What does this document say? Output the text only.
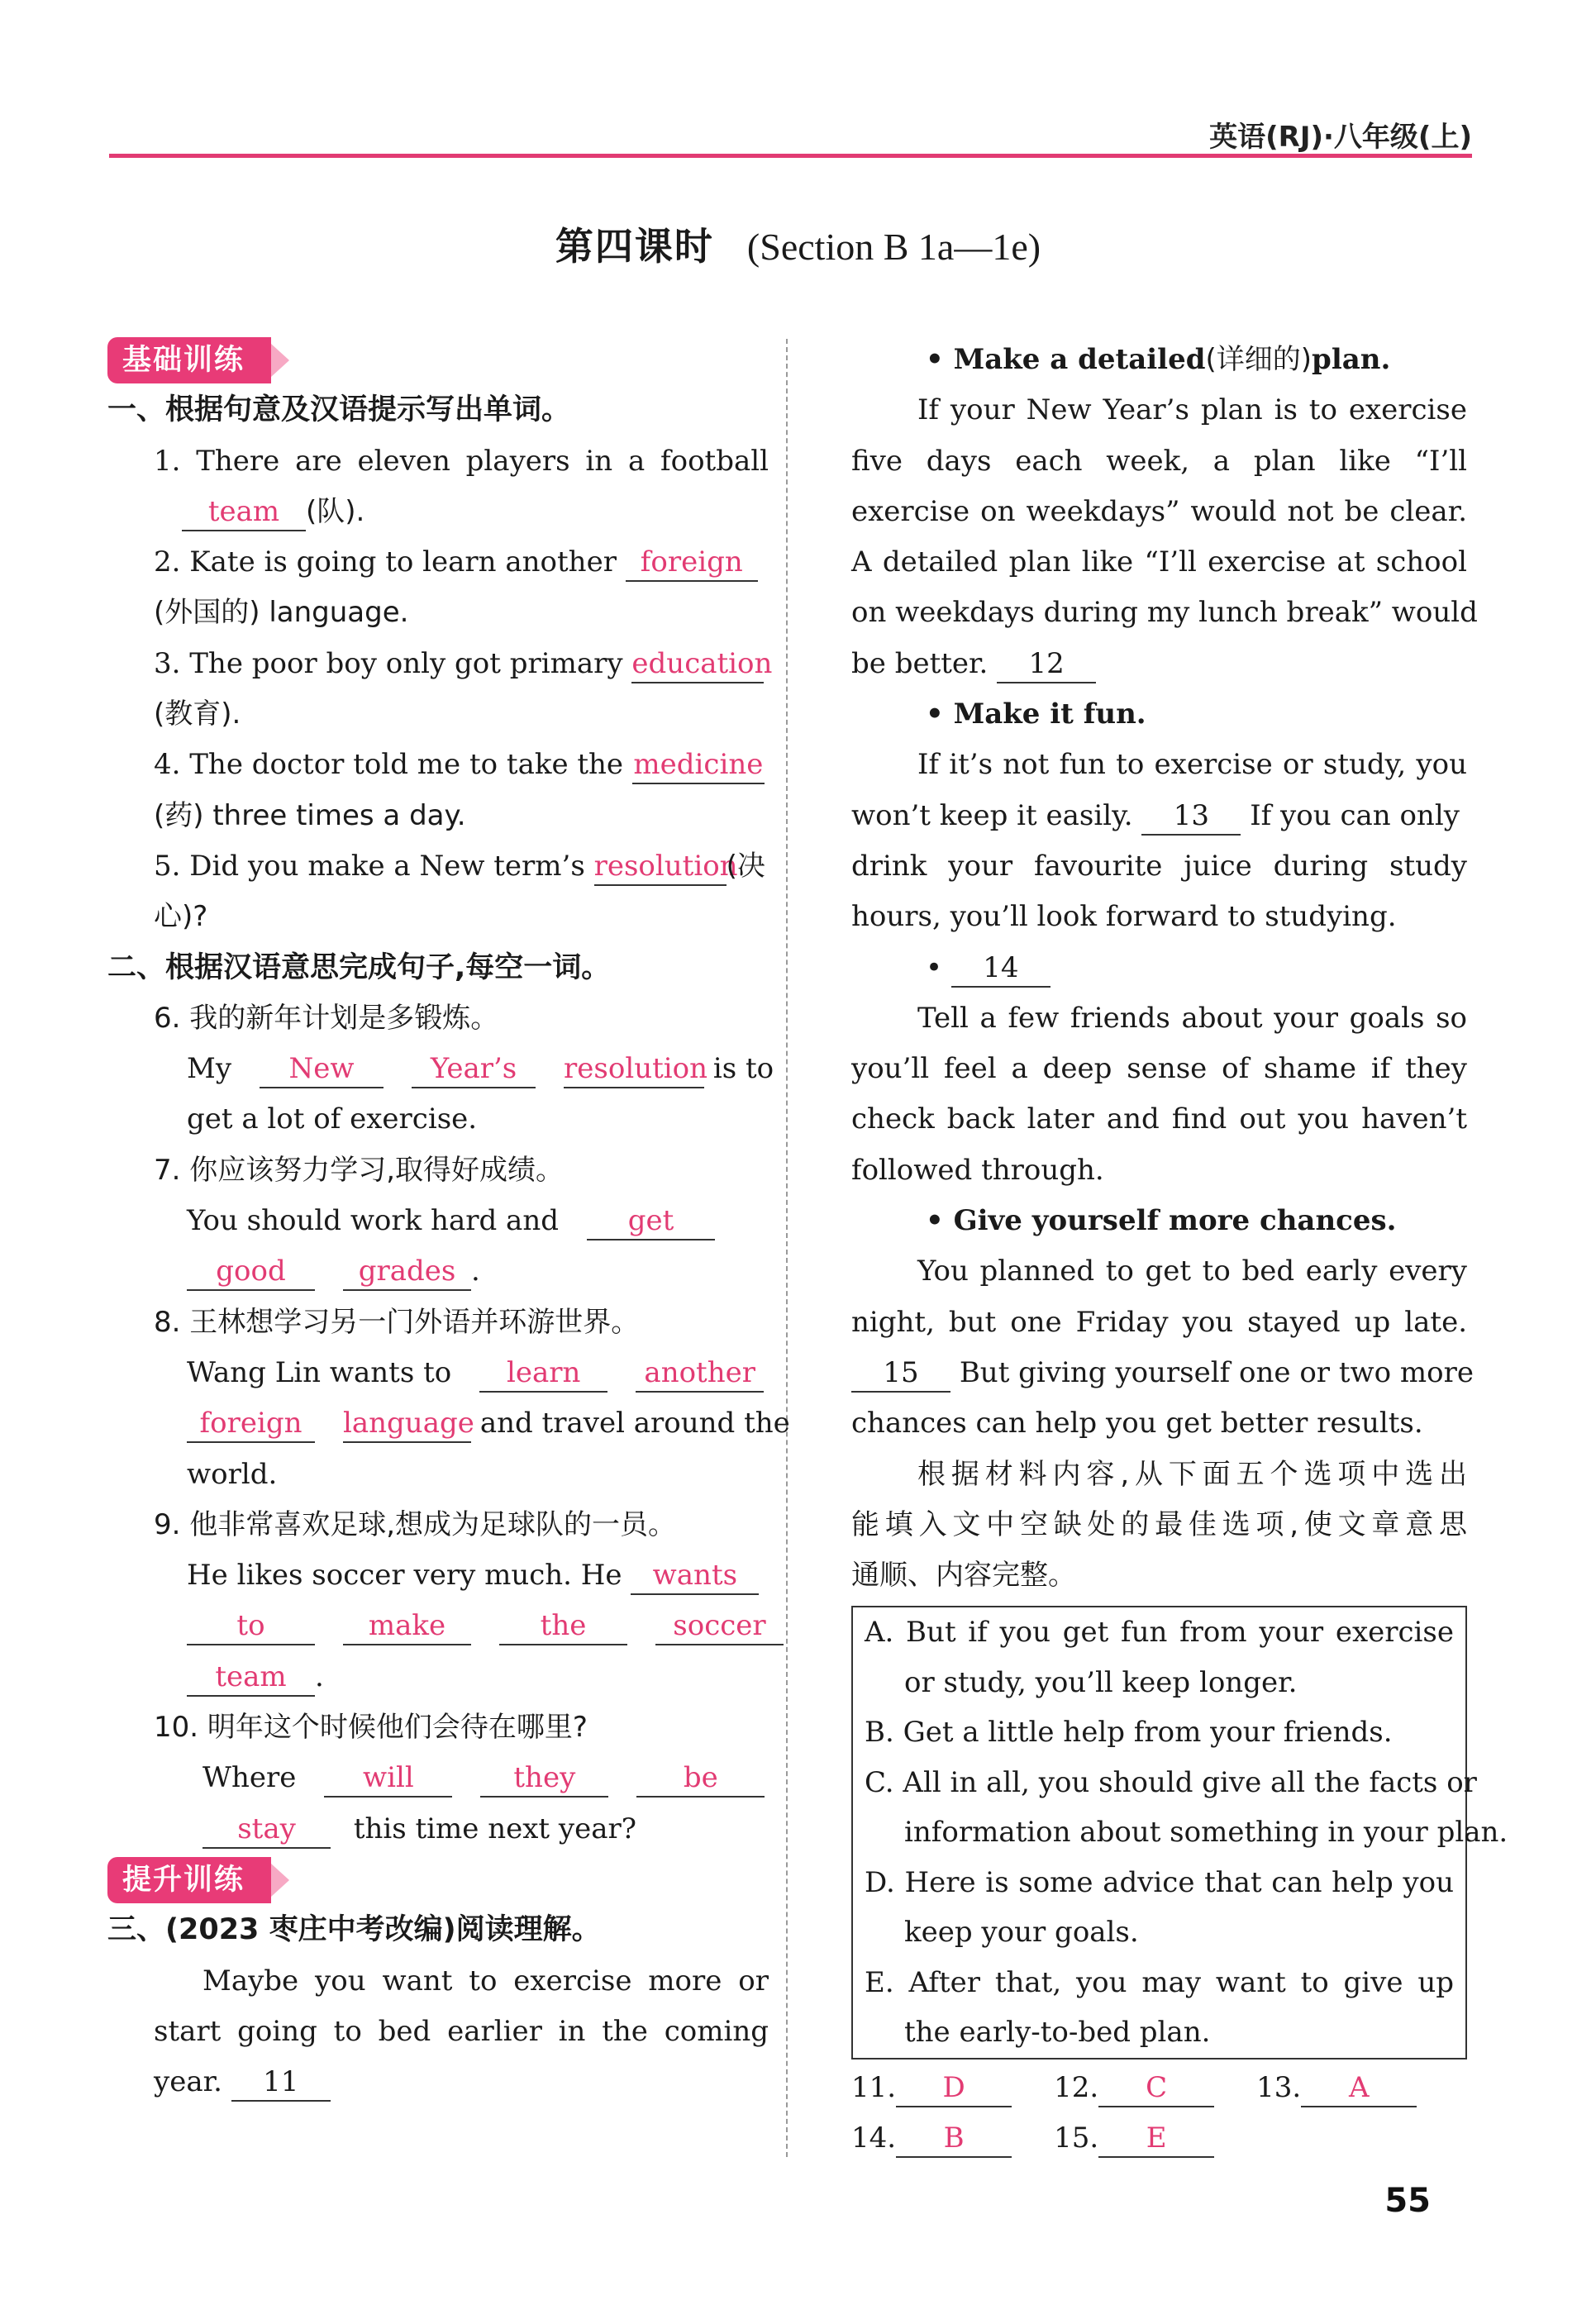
英语(RJ)·八年级(上)
第四课时 (Section B 1a—1e)
基础训练
一、根据句意及汉语提示写出单词。
1. There are eleven players in a football
  team (队).
2. Kate is going to learn another foreign
(外国的) language.
3. The poor boy only got primary education
(教育).
4. The doctor told me to take the medicine
(药) three times a day.
5. Did you make a New term’s resolution(决
心)?
二、根据汉语意思完成句子,每空一词。
6. 我的新年计划是多锻炼。
My  New 	Year’s  resolution is to
get a lot of exercise.
7. 你应该努力学习,取得好成绩。
You should work hard and  get
good 	grades .
8. 王林想学习另一门外语并环游世界。
Wang Lin wants to  learn  another
foreign  language and travel around the
world.
9. 他非常喜欢足球,想成为足球队的一员。
He likes soccer very much. He wants
to 	make 	the 	soccer
team .
10. 明年这个时候他们会待在哪里?
Where  will 	they 	be
stay  this time next year?
提升训练
三、(2023 枣庄中考改编)阅读理解。
Maybe you want to exercise more or
start going to bed earlier in the coming
year. 11
• Make a detailed(详细的)plan.
If your New Year’s plan is to exercise
five days each week, a plan like “I’ll
exercise on weekdays” would not be clear.
A detailed plan like “I’ll exercise at school
on weekdays during my lunch break” would
be better. 12
• Make it fun.
If it’s not fun to exercise or study, you
won’t keep it easily. 13 If you can only
drink your favourite juice during study
hours, you’ll look forward to studying.
• 14
Tell a few friends about your goals so
you’ll feel a deep sense of shame if they
check back later and find out you haven’t
followed through.
• Give yourself more chances.
You planned to get to bed early every
night, but one Friday you stayed up late.
15 But giving yourself one or two more
chances can help you get better results.
根据材料内容,从下面五个选项中选出
能填入文中空缺处的最佳选项,使文章意思
通顺、内容完整。
A. But if you get fun from your exercise
or study, you’ll keep longer.
B. Get a little help from your friends.
C. All in all, you should give all the facts or
information about something in your plan.
D. Here is some advice that can help you
keep your goals.
E. After that, you may want to give up
the early-to-bed plan.
11. D  	12. C  	13. A
14. B  	15. E
55
